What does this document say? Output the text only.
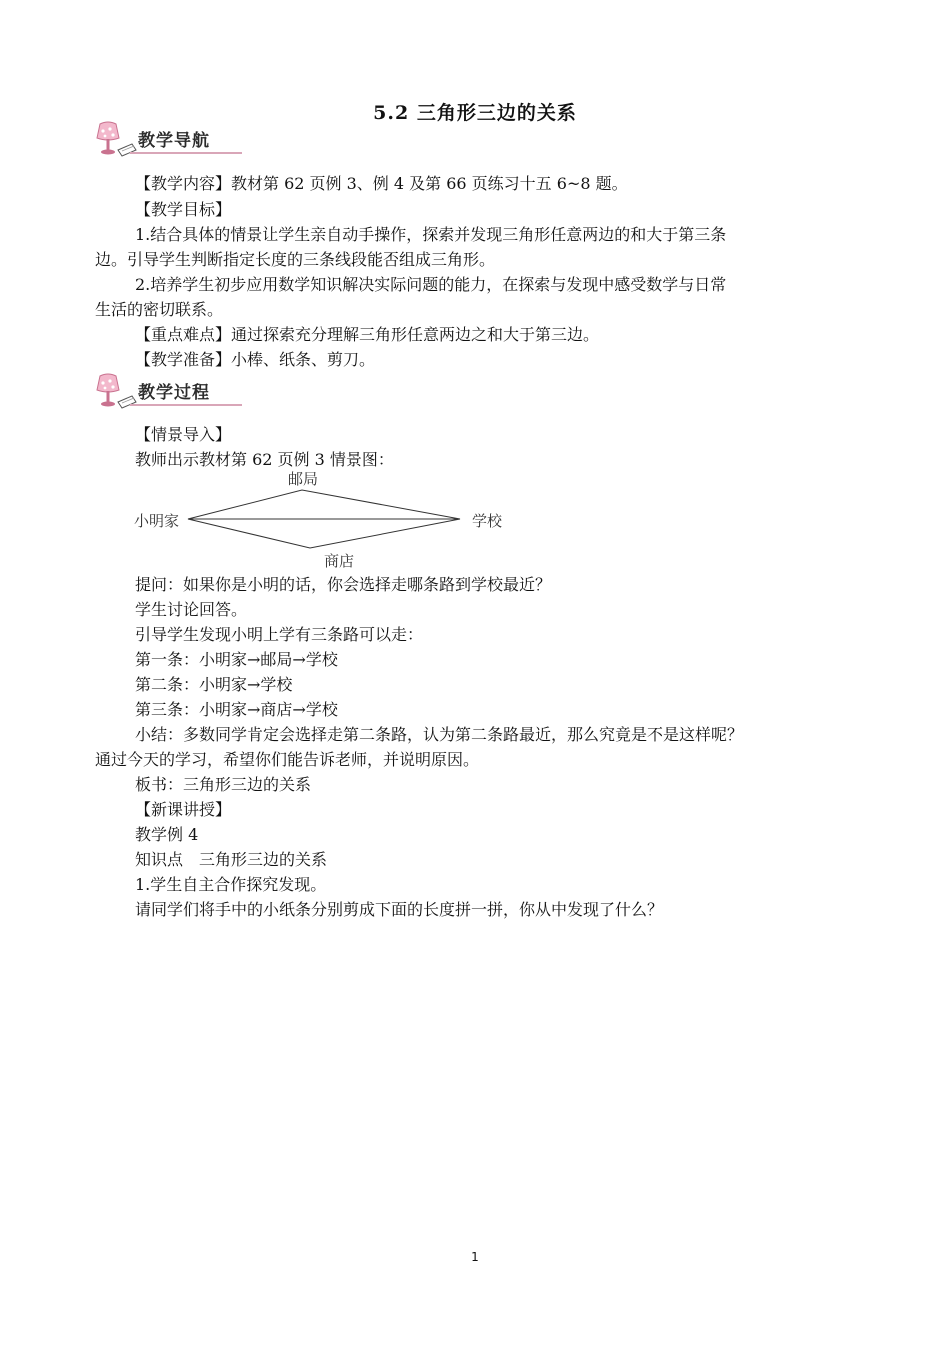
5.2 三角形三边的关系
教学导航
【教学内容】教材第 62 页例 3、例 4 及第 66 页练习十五 6~8 题。
【教学目标】
1.结合具体的情景让学生亲自动手操作，探索并发现三角形任意两边的和大于第三条
边。引导学生判断指定长度的三条线段能否组成三角形。
2.培养学生初步应用数学知识解决实际问题的能力，在探索与发现中感受数学与日常
生活的密切联系。
【重点难点】通过探索充分理解三角形任意两边之和大于第三边。
【教学准备】小棒、纸条、剪刀。
教学过程
【情景导入】
教师出示教材第 62 页例 3 情景图：
邮局
小明家	学校
商店
提问：如果你是小明的话，你会选择走哪条路到学校最近？
学生讨论回答。
引导学生发现小明上学有三条路可以走：
第一条：小明家→邮局→学校
第二条：小明家→学校
第三条：小明家→商店→学校
小结：多数同学肯定会选择走第二条路，认为第二条路最近，那么究竟是不是这样呢？
通过今天的学习，希望你们能告诉老师，并说明原因。
板书：三角形三边的关系
【新课讲授】
教学例 4
知识点　三角形三边的关系
1.学生自主合作探究发现。
请同学们将手中的小纸条分别剪成下面的长度拼一拼，你从中发现了什么？
1
